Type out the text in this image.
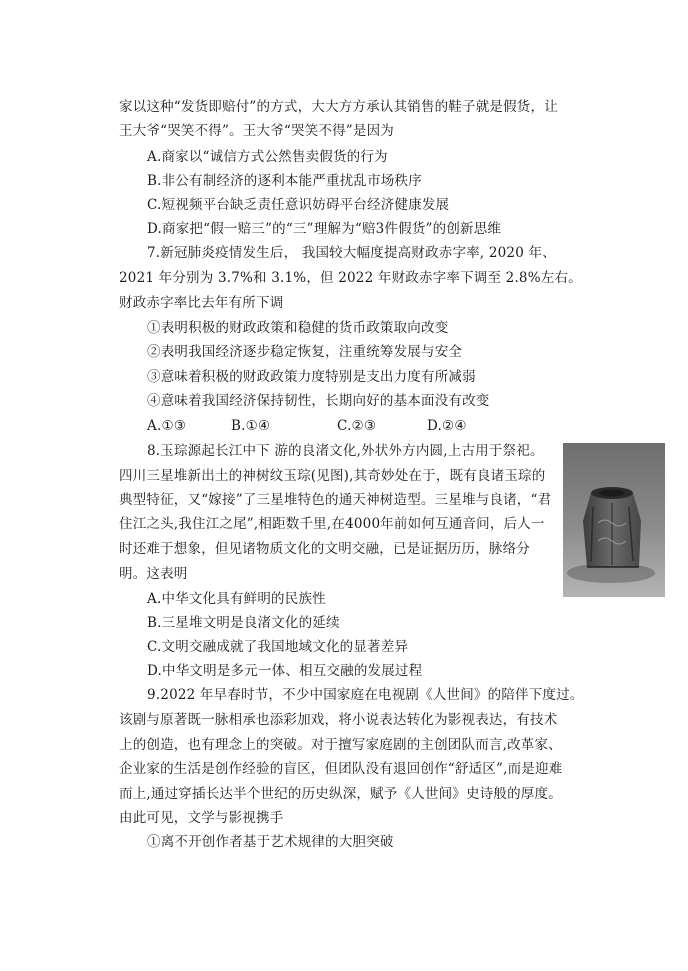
家以这种“发货即赔付”的方式，大大方方承认其销售的鞋子就是假货，让

王大爷“哭笑不得”。王大爷“哭笑不得”是因为

A.商家以“诚信方式公然售卖假货的行为

B.非公有制经济的逐利本能严重扰乱市场秩序

C.短视频平台缺乏责任意识妨碍平台经济健康发展

D.商家把“假一赔三”的“三”理解为“赔3件假货”的创新思维

7.新冠肺炎疫情发生后， 我国较大幅度提高财政赤字率, 2020 年、

2021 年分别为 3.7%和 3.1%，但 2022 年财政赤字率下调至 2.8%左右。

财政赤字率比去年有所下调

①表明积极的财政政策和稳健的货币政策取向改变

②表明我国经济逐步稳定恢复，注重统筹发展与安全

③意味着积极的财政政策力度特别是支出力度有所减弱

④意味着我国经济保持韧性，长期向好的基本面没有改变

A.①③	B.①④	C.②③	D.②④

8.玉琮源起长江中下 游的良渚文化,外状外方内圆,上古用于祭祀。

四川三星堆新出土的神树纹玉琮(见图),其奇妙处在于，既有良诸玉琮的

典型特征，又“嫁接”了三星堆特色的通天神树造型。三星堆与良诸，“君

住江之头,我住江之尾”,相距数千里,在4000年前如何互通音问，后人一

时还难于想象，但见诸物质文化的文明交融，已是证据历历，脉络分

明。这表明

A.中华文化具有鲜明的民族性

B.三星堆文明是良渚文化的延续

C.文明交融成就了我国地域文化的显著差异

D.中华文明是多元一体、相互交融的发展过程

9.2022 年早春时节，不少中国家庭在电视剧《人世间》的陪伴下度过。

该剧与原著既一脉相承也添彩加戏，将小说表达转化为影视表达，有技术

上的创造，也有理念上的突破。对于擅写家庭剧的主创团队而言,改革家、

企业家的生活是创作经验的盲区，但团队没有退回创作“舒适区”,而是迎难

而上,通过穿插长达半个世纪的历史纵深，赋予《人世间》史诗般的厚度。

由此可见，文学与影视携手

①离不开创作者基于艺术规律的大胆突破
